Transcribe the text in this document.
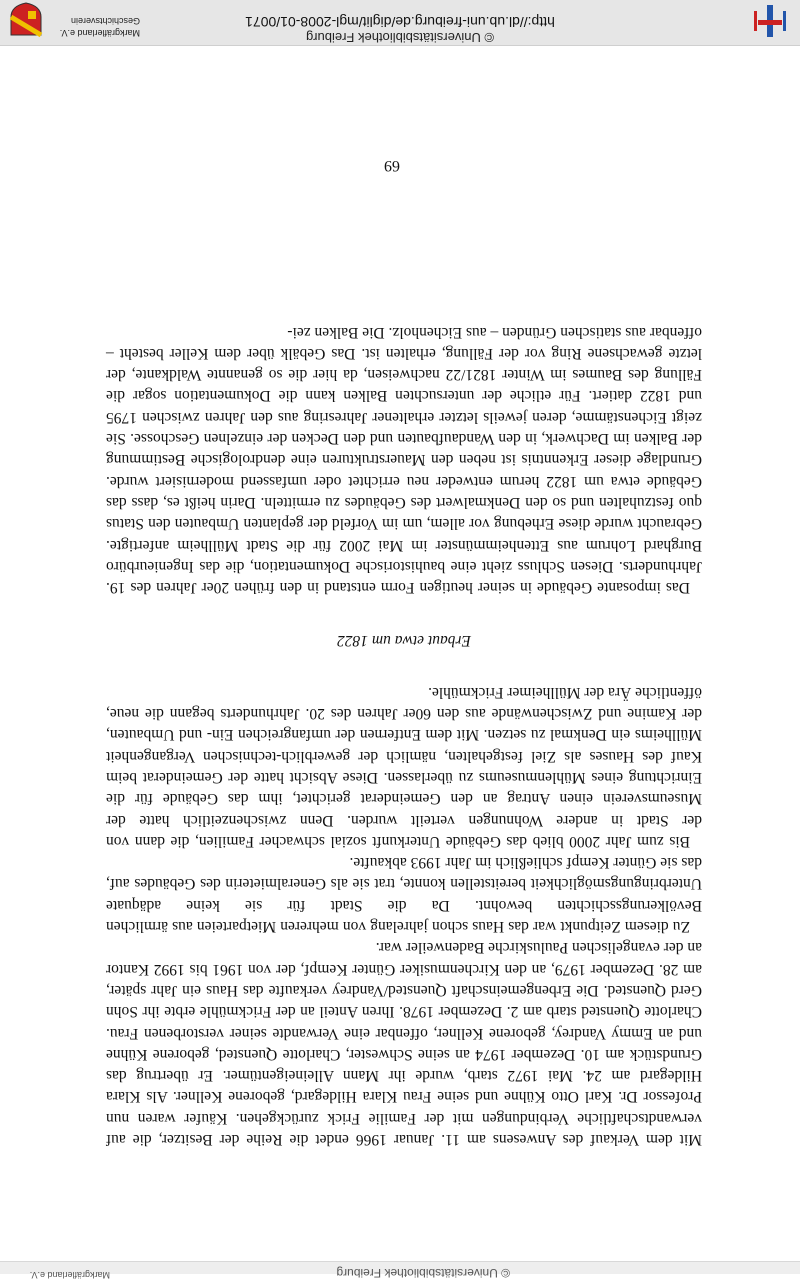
© Universitätsbibliothek Freiburg
Markgräflerland e.V.

Mit dem Verkauf des Anwesens am 11. Januar 1966 endet die Reihe der Besitzer, die auf verwandtschaftliche Verbindungen mit der Familie Frick zurückgehen. Käufer waren nun Professor Dr. Karl Otto Kühne und seine Frau Klara Hildegard, geborene Kellner. Als Klara Hildegard am 24. Mai 1972 starb, wurde ihr Mann Alleineigentümer. Er übertrug das Grundstück am 10. Dezember 1974 an seine Schwester, Charlotte Quensted, geborene Kühne und an Emmy Vandrey, geborene Kellner, offenbar eine Verwandte seiner verstorbenen Frau. Charlotte Quensted starb am 2. Dezember 1978. Ihren Anteil an der Frickmühle erbte ihr Sohn Gerd Quensted. Die Erbengemeinschaft Quensted/Vandrey verkaufte das Haus ein Jahr später, am 28. Dezember 1979, an den Kirchenmusiker Günter Kempf, der von 1961 bis 1992 Kantor an der evangelischen Pauluskirche Badenweiler war.

Zu diesem Zeitpunkt war das Haus schon jahrelang von mehreren Mietparteien aus ärmlichen Bevölkerungsschichten bewohnt. Da die Stadt für sie keine adäquate Unterbringungsmöglichkeit bereitstellen konnte, trat sie als Generalmieterin des Gebäudes auf, das sie Günter Kempf schließlich im Jahr 1993 abkaufte.

Bis zum Jahr 2000 blieb das Gebäude Unterkunft sozial schwacher Familien, die dann von der Stadt in andere Wohnungen verteilt wurden. Denn zwischenzeitlich hatte der Museumsverein einen Antrag an den Gemeinderat gerichtet, ihm das Gebäude für die Einrichtung eines Mühlenmuseums zu überlassen. Diese Absicht hatte der Gemeinderat beim Kauf des Hauses als Ziel festgehalten, nämlich der gewerblich-technischen Vergangenheit Müllheims ein Denkmal zu setzen. Mit dem Entfernen der umfangreichen Ein- und Umbauten, der Kamine und Zwischenwände aus den 60er Jahren des 20. Jahrhunderts begann die neue, öffentliche Ära der Müllheimer Frickmühle.

Erbaut etwa um 1822

Das imposante Gebäude in seiner heutigen Form entstand in den frühen 20er Jahren des 19. Jahrhunderts. Diesen Schluss zieht eine bauhistorische Dokumentation, die das Ingenieurbüro Burghard Lohrum aus Ettenheimmünster im Mai 2002 für die Stadt Müllheim anfertigte. Gebraucht wurde diese Erhebung vor allem, um im Vorfeld der geplanten Umbauten den Status quo festzuhalten und so den Denkmalwert des Gebäudes zu ermitteln. Darin heißt es, dass das Gebäude etwa um 1822 herum entweder neu errichtet oder umfassend modernisiert wurde. Grundlage dieser Erkenntnis ist neben den Mauerstrukturen eine dendrologische Bestimmung der Balken im Dachwerk, in den Wandaufbauten und den Decken der einzelnen Geschosse. Sie zeigt Eichenstämme, deren jeweils letzter erhaltener Jahresring aus den Jahren zwischen 1795 und 1822 datiert. Für etliche der untersuchten Balken kann die Dokumentation sogar die Fällung des Baumes im Winter 1821/22 nachweisen, da hier die so genannte Waldkante, der letzte gewachsene Ring vor der Fällung, erhalten ist. Das Gebälk über dem Keller besteht – offenbar aus statischen Gründen – aus Eichenholz. Die Balken zei-

69
© Universitätsbibliothek Freiburg
http://dl.ub.uni-freiburg.de/diglit/mgl-2008-01/0071
Markgräflerland e.V.
Geschichtsverein
